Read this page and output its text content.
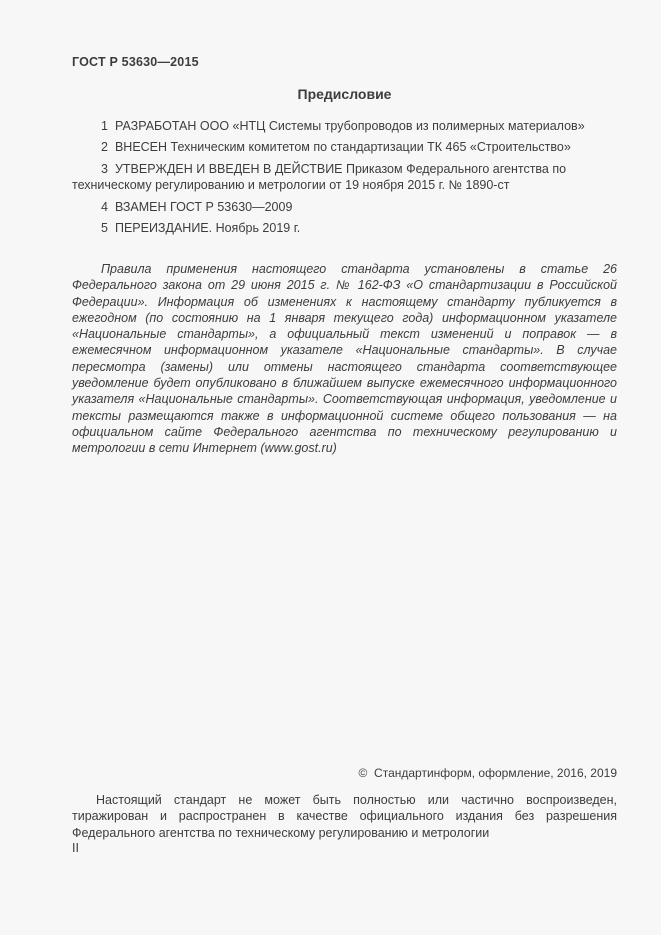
ГОСТ Р 53630—2015
Предисловие

1 РАЗРАБОТАН ООО «НТЦ Системы трубопроводов из полимерных материалов»

2 ВНЕСЕН Техническим комитетом по стандартизации ТК 465 «Строительство»

3 УТВЕРЖДЕН И ВВЕДЕН В ДЕЙСТВИЕ Приказом Федерального агентства по техническому регулированию и метрологии от 19 ноября 2015 г. № 1890-ст

4 ВЗАМЕН ГОСТ Р 53630—2009

5 ПЕРЕИЗДАНИЕ. Ноябрь 2019 г.

Правила применения настоящего стандарта установлены в статье 26 Федерального закона от 29 июня 2015 г. № 162-ФЗ «О стандартизации в Российской Федерации». Информация об изменениях к настоящему стандарту публикуется в ежегодном (по состоянию на 1 января текущего года) информационном указателе «Национальные стандарты», а официальный текст изменений и поправок — в ежемесячном информационном указателе «Национальные стандарты». В случае пересмотра (замены) или отмены настоящего стандарта соответствующее уведомление будет опубликовано в ближайшем выпуске ежемесячного информационного указателя «Национальные стандарты». Соответствующая информация, уведомление и тексты размещаются также в информационной системе общего пользования — на официальном сайте Федерального агентства по техническому регулированию и метрологии в сети Интернет (www.gost.ru)
©  Стандартинформ, оформление, 2016, 2019
Настоящий стандарт не может быть полностью или частично воспроизведен, тиражирован и распространен в качестве официального издания без разрешения Федерального агентства по техническому регулированию и метрологии
II
